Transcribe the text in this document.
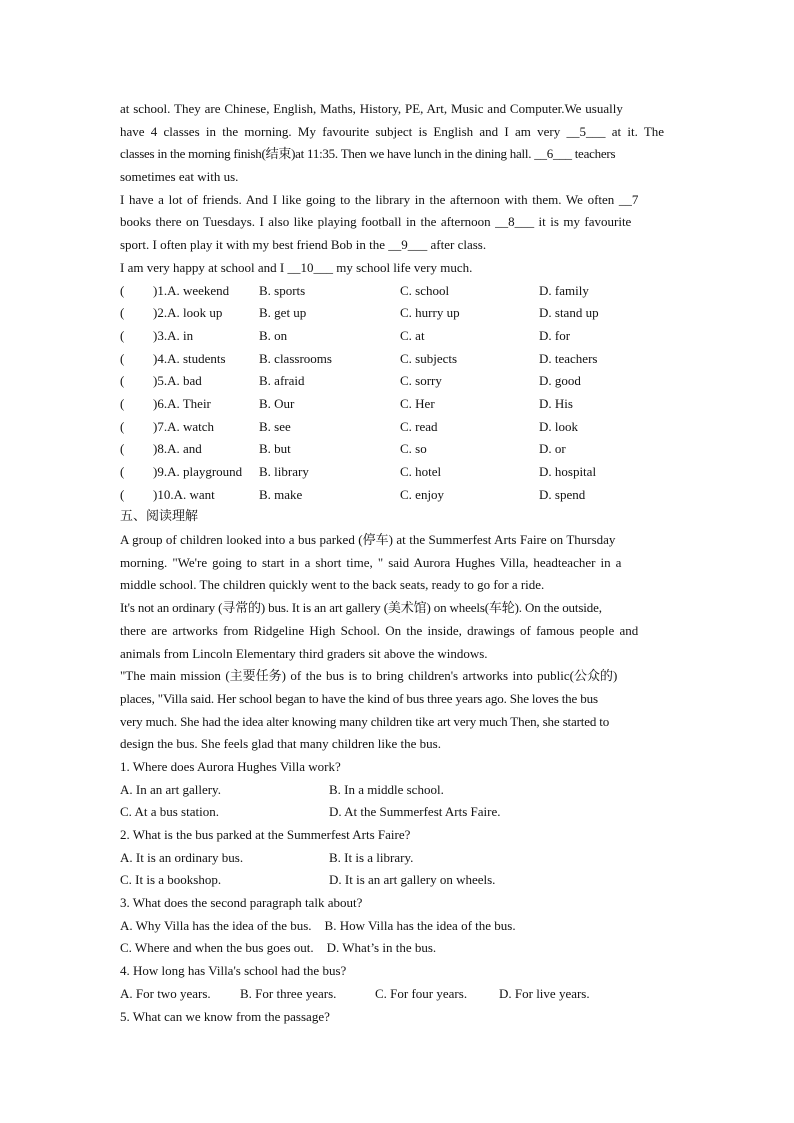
at school. They are Chinese, English, Maths, History, PE, Art, Music and Computer.We usually
have 4 classes in the morning. My favourite subject is English and I am very __5___ at it. The
classes in the morning finish(结束)at 11:35. Then we have lunch in the dining hall. __6___ teachers
sometimes eat with us.
I have a lot of friends. And I like going to the library in the afternoon with them. We often __7
books there on Tuesdays. I also like playing football in the afternoon __8___ it is my favourite
sport. I often play it with my best friend Bob in the __9___ after class.
I am very happy at school and I __10___ my school life very much.
( )1.A. weekend B. sports	C. school	D. family
( )2.A. look up	B. get up	C. hurry up	D. stand up
( )3.A. in	B. on	C. at	D. for
( )4.A. students	B. classrooms	C. subjects	D. teachers
( )5.A. bad	B. afraid	C. sorry	D. good
( )6.A. Their	B. Our	C. Her	D. His
( )7.A. watch	B. see	C. read	D. look
( )8.A. and	B. but	C. so	D. or
( )9.A. playground B. library	C. hotel	D. hospital
( )10.A. want	B. make	C. enjoy	D. spend
五、阅读理解
A group of children looked into a bus parked (停车) at the Summerfest Arts Faire on Thursday
morning. "We're going to start in a short time, " said Aurora Hughes Villa, headteacher in a
middle school. The children quickly went to the back seats, ready to go for a ride.
It's not an ordinary (寻常的) bus. It is an art gallery (美术馆) on wheels(车轮). On the outside,
there are artworks from Ridgeline High School. On the inside, drawings of famous people and
animals from Lincoln Elementary third graders sit above the windows.
"The main mission (主要任务) of the bus is to bring children's artworks into public(公众的)
places, "Villa said. Her school began to have the kind of bus three years ago. She loves the bus
very much. She had the idea alter knowing many children tike art very much Then, she started to
design the bus. She feels glad that many children like the bus.
1. Where does Aurora Hughes Villa work?
A. In an art gallery.	B. In a middle school.
C. At a bus station.	D. At the Summerfest Arts Faire.
2. What is the bus parked at the Summerfest Arts Faire?
A. It is an ordinary bus.	B. It is a library.
C. It is a bookshop.	D. It is an art gallery on wheels.
3. What does the second paragraph talk about?
A. Why Villa has the idea of the bus.    B. How Villa has the idea of the bus.
C. Where and when the bus goes out.    D. What’s in the bus.
4. How long has Villa's school had the bus?
A. For two years. B. For three years.	C. For four years. D. For live years.
5. What can we know from the passage?
